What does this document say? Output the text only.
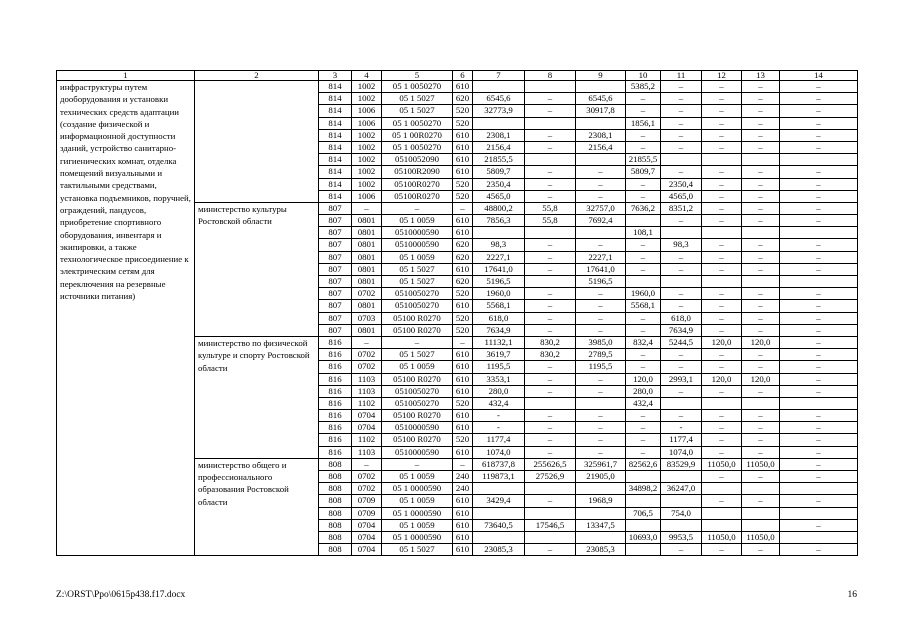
1	2	3	4	5	6	7	8	9	10	11	12	13	14
инфраструктуры путем дооборудования и установки технических средств адаптации (создание физической и информационной доступности зданий, устройство санитарно-гигиенических комнат, отделка помещений визуальными и тактильными средствами, установка подъемников, поручней, ограждений, пандусов, приобретение спортивного оборудования, инвентаря и экипировки, а также технологическое присоединение к электрическим сетям для переключения на резервные источники питания)		814	1002	05 1 0050270	610				5385,2	–	–	–	–
		814	1002	05 1 5027	620	6545,6	–	6545,6	–	–	–	–	–
		814	1006	05 1 5027	520	32773,9	–	30917,8	–	–	–	–	–
		814	1006	05 1 0050270	520				1856,1	–	–	–	–
		814	1002	05 1 00R0270	610	2308,1	–	2308,1	–	–	–	–	–
		814	1002	05 1 0050270	610	2156,4	–	2156,4	–	–	–	–	–
		814	1002	0510052090	610	21855,5			21855,5				
		814	1002	05100R2090	610	5809,7	–	–	5809,7	–	–	–	–
		814	1002	05100R0270	520	2350,4	–	–	–	2350,4	–	–	–
		814	1006	05100R0270	520	4565,0	–	–	–	4565,0	–	–	–
	министерство культуры Ростовской области	807	–	–	–	48800,2	55,8	32757,0	7636,2	8351,2	–	–	–
		807	0801	05 1 0059	610	7856,3	55,8	7692,4		–	–	–	–
		807	0801	0510000590	610				108,1				
		807	0801	0510000590	620	98,3	–	–	–	98,3	–	–	–
		807	0801	05 1 0059	620	2227,1	–	2227,1	–	–	–	–	–
		807	0801	05 1 5027	610	17641,0	–	17641,0	–	–	–	–	–
		807	0801	05 1 5027	620	5196,5		5196,5					
		807	0702	0510050270	520	1960,0	–	–	1960,0	–	–	–	–
		807	0801	0510050270	610	5568,1	–	–	5568,1	–	–	–	–
		807	0703	05100 R0270	520	618,0	–	–	–	618,0	–	–	–
		807	0801	05100 R0270	520	7634,9	–	–	–	7634,9	–	–	–
	министерство по физической культуре и спорту Ростовской области	816	–	–	–	11132,1	830,2	3985,0	832,4	5244,5	120,0	120,0	–
		816	0702	05 1 5027	610	3619,7	830,2	2789,5	–	–	–	–	–
		816	0702	05 1 0059	610	1195,5	–	1195,5	–	–	–	–	–
		816	1103	05100 R0270	610	3353,1	–	–	120,0	2993,1	120,0	120,0	–
		816	1103	0510050270	610	280,0	–	–	280,0	–	–	–	–
		816	1102	0510050270	520	432,4			432,4				
		816	0704	05100 R0270	610	-	–	–	–	–	–	–	–
		816	0704	0510000590	610	-	–	–	–	-	–	–	–
		816	1102	05100 R0270	520	1177,4	–	–	–	1177,4	–	–	–
		816	1103	0510000590	610	1074,0	–	–	–	1074,0	–	–	–
	министерство общего и профессионального образования Ростовской области	808	–	–	–	618737,8	255626,5	325961,7	82562,6	83529,9	11050,0	11050,0	–
		808	0702	05 1 0059	240	119873,1	27526,9	21905,0			–	–	–
		808	0702	05 1 0000590	240				34898,2	36247,0			
		808	0709	05 1 0059	610	3429,4	–	1968,9			–	–	–
		808	0709	05 1 0000590	610				706,5	754,0			
		808	0704	05 1 0059	610	73640,5	17546,5	13347,5					–
		808	0704	05 1 0000590	610				10693,0	9953,5	11050,0	11050,0	
		808	0704	05 1 5027	610	23085,3	–	23085,3		–	–	–	–
Z:\ORST\Ppo\0615p438.f17.docx	16
